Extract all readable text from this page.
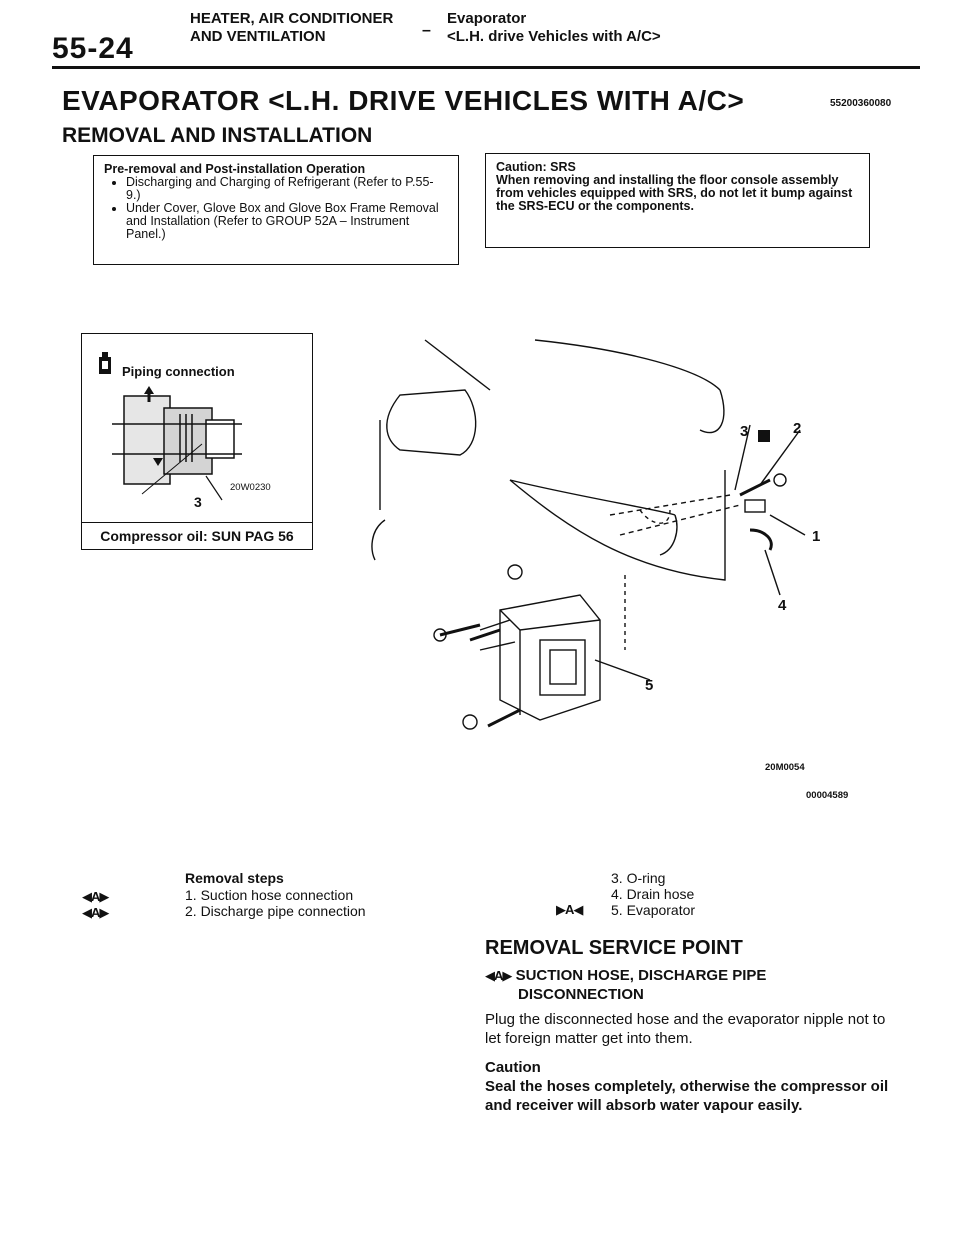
55-24
HEATER, AIR CONDITIONER
AND VENTILATION	–
Evaporator
<L.H. drive Vehicles with A/C>
EVAPORATOR <L.H. DRIVE VEHICLES WITH A/C>	55200360080
REMOVAL AND INSTALLATION
Pre-removal and Post-installation Operation
• Discharging and Charging of Refrigerant (Refer to P.55-9.)
• Under Cover, Glove Box and Glove Box Frame Removal and Installation (Refer to GROUP 52A – Instrument Panel.)
Caution: SRS
When removing and installing the floor console assembly from vehicles equipped with SRS, do not let it bump against the SRS-ECU or the components.
Piping connection
20W0230
3
Compressor oil: SUN PAG 56
3	2
1
4
5
20M0054
00004589
◀A▶
◀A▶
Removal steps
1. Suction hose connection
2. Discharge pipe connection	▶A◀
3. O-ring
4. Drain hose
5. Evaporator
REMOVAL SERVICE POINT
◀A▶ SUCTION HOSE, DISCHARGE PIPE
DISCONNECTION
Plug the disconnected hose and the evaporator nipple not to let foreign matter get into them.
Caution
Seal the hoses completely, otherwise the compressor oil and receiver will absorb water vapour easily.
